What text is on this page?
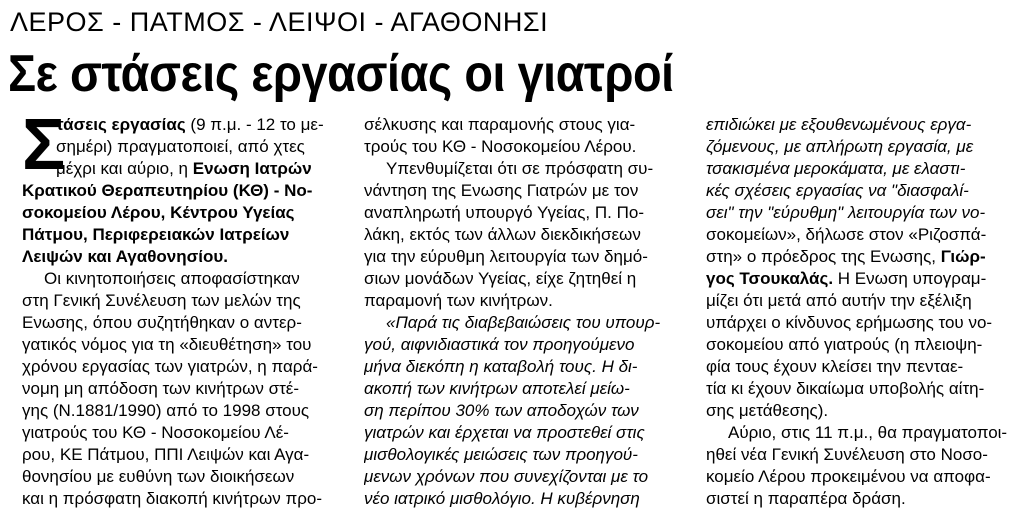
ΛΕΡΟΣ - ΠΑΤΜΟΣ - ΛΕΙΨΟΙ - ΑΓΑΘΟΝΗΣΙ
Σε στάσεις εργασίας οι γιατροί
Σ
τάσεις εργασίας (9 π.μ. - 12 το με-
σημέρι) πραγματοποιεί, από χτες
μέχρι και αύριο, η Ενωση Ιατρών
Κρατικού Θεραπευτηρίου (ΚΘ) - Νο-
σοκομείου Λέρου, Κέντρου Υγείας
Πάτμου, Περιφερειακών Ιατρείων
Λειψών και Αγαθονησίου.
Οι κινητοποιήσεις αποφασίστηκαν
στη Γενική Συνέλευση των μελών της
Ενωσης, όπου συζητήθηκαν ο αντερ-
γατικός νόμος για τη «διευθέτηση» του
χρόνου εργασίας των γιατρών, η παρά-
νομη μη απόδοση των κινήτρων στέ-
γης (Ν.1881/1990) από το 1998 στους
γιατρούς του ΚΘ - Νοσοκομείου Λέ-
ρου, ΚΕ Πάτμου, ΠΠΙ Λειψών και Αγα-
θονησίου με ευθύνη των διοικήσεων
και η πρόσφατη διακοπή κινήτρων προ-
σέλκυσης και παραμονής στους για-
τρούς του ΚΘ - Νοσοκομείου Λέρου.
Υπενθυμίζεται ότι σε πρόσφατη συ-
νάντηση της Ενωσης Γιατρών με τον
αναπληρωτή υπουργό Υγείας, Π. Πο-
λάκη, εκτός των άλλων διεκδικήσεων
για την εύρυθμη λειτουργία των δημό-
σιων μονάδων Υγείας, είχε ζητηθεί η
παραμονή των κινήτρων.
«Παρά τις διαβεβαιώσεις του υπουρ-
γού, αιφνιδιαστικά τον προηγούμενο
μήνα διεκόπη η καταβολή τους. Η δι-
ακοπή των κινήτρων αποτελεί μείω-
ση περίπου 30% των αποδοχών των
γιατρών και έρχεται να προστεθεί στις
μισθολογικές μειώσεις των προηγού-
μενων χρόνων που συνεχίζονται με το
νέο ιατρικό μισθολόγιο. Η κυβέρνηση
επιδιώκει με εξουθενωμένους εργα-
ζόμενους, με απλήρωτη εργασία, με
τσακισμένα μεροκάματα, με ελαστι-
κές σχέσεις εργασίας να "διασφαλί-
σει" την "εύρυθμη" λειτουργία των νο-
σοκομείων», δήλωσε στον «Ριζοσπά-
στη» ο πρόεδρος της Ενωσης, Γιώρ-
γος Τσουκαλάς. Η Ενωση υπογραμ-
μίζει ότι μετά από αυτήν την εξέλιξη
υπάρχει ο κίνδυνος ερήμωσης του νο-
σοκομείου από γιατρούς (η πλειοψη-
φία τους έχουν κλείσει την πενταε-
τία κι έχουν δικαίωμα υποβολής αίτη-
σης μετάθεσης).
Αύριο, στις 11 π.μ., θα πραγματοποι-
ηθεί νέα Γενική Συνέλευση στο Νοσο-
κομείο Λέρου προκειμένου να αποφα-
σιστεί η παραπέρα δράση.
